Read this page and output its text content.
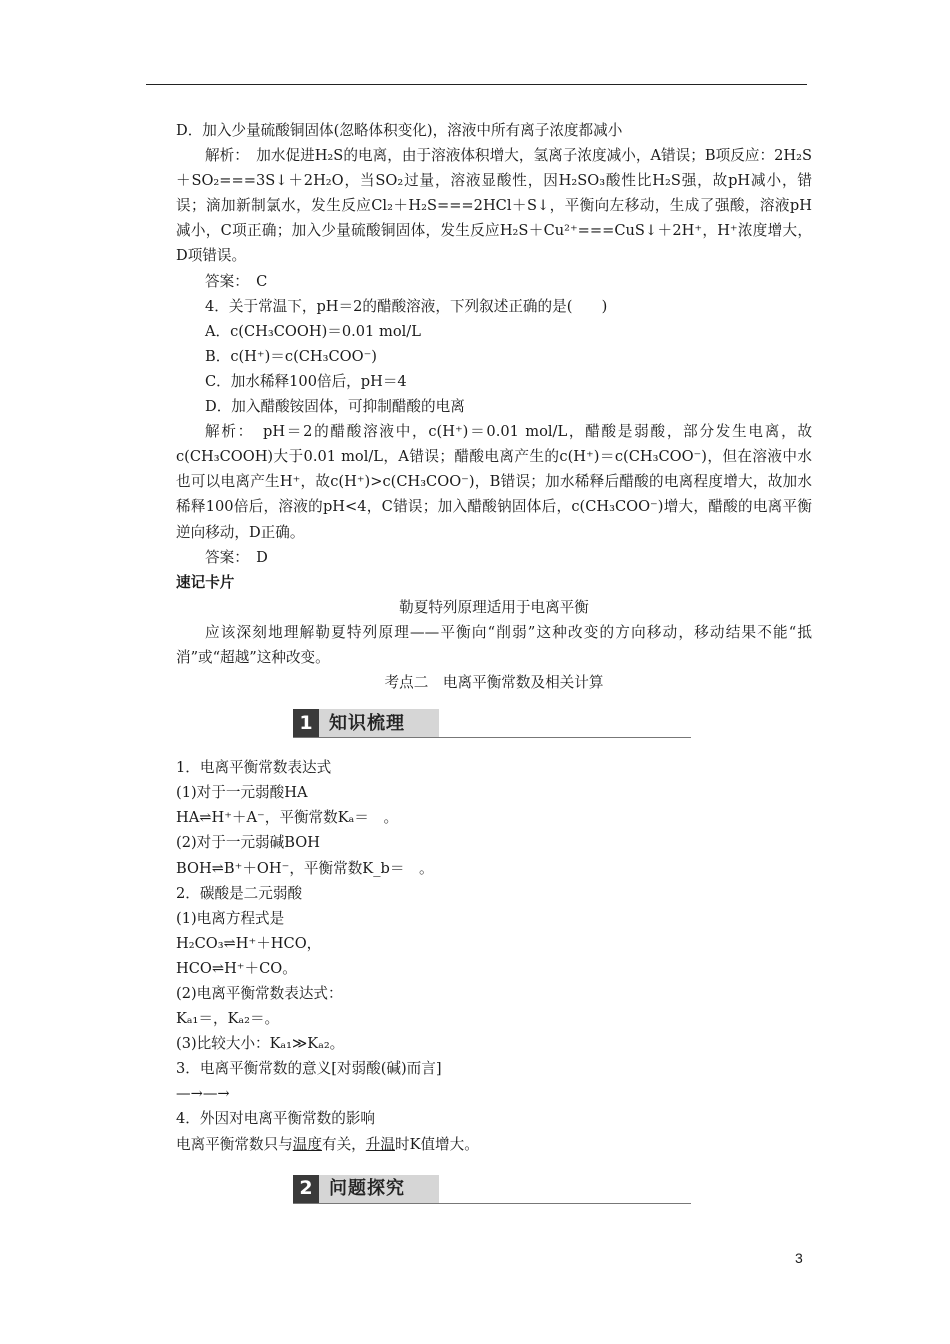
D．加入少量硫酸铜固体(忽略体积变化)，溶液中所有离子浓度都减小
解析：　加水促进H₂S的电离，由于溶液体积增大，氢离子浓度减小，A错误；B项反应：2H₂S＋SO₂===3S↓＋2H₂O，当SO₂过量，溶液显酸性，因H₂SO₃酸性比H₂S强，故pH减小，错误；滴加新制氯水，发生反应Cl₂＋H₂S===2HCl＋S↓，平衡向左移动，生成了强酸，溶液pH减小，C项正确；加入少量硫酸铜固体，发生反应H₂S＋Cu²⁺===CuS↓＋2H⁺，H⁺浓度增大，D项错误。
答案：　C
4．关于常温下，pH＝2的醋酸溶液，下列叙述正确的是(　　)
A．c(CH₃COOH)＝0.01 mol/L
B．c(H⁺)＝c(CH₃COO⁻)
C．加水稀释100倍后，pH＝4
D．加入醋酸铵固体，可抑制醋酸的电离
解析：　pH＝2的醋酸溶液中，c(H⁺)＝0.01 mol/L，醋酸是弱酸，部分发生电离，故c(CH₃COOH)大于0.01 mol/L，A错误；醋酸电离产生的c(H⁺)＝c(CH₃COO⁻)，但在溶液中水也可以电离产生H⁺，故c(H⁺)>c(CH₃COO⁻)，B错误；加水稀释后醋酸的电离程度增大，故加水稀释100倍后，溶液的pH<4，C错误；加入醋酸钠固体后，c(CH₃COO⁻)增大，醋酸的电离平衡逆向移动，D正确。
答案：　D
速记卡片
勒夏特列原理适用于电离平衡
应该深刻地理解勒夏特列原理——平衡向“削弱”这种改变的方向移动，移动结果不能“抵消”或“超越”这种改变。
考点二　电离平衡常数及相关计算
1 知识梳理
1．电离平衡常数表达式
(1)对于一元弱酸HA
HA⇌H⁺＋A⁻，平衡常数Kₐ＝　。
(2)对于一元弱碱BOH
BOH⇌B⁺＋OH⁻，平衡常数K_b＝　。
2．碳酸是二元弱酸
(1)电离方程式是
H₂CO₃⇌H⁺＋HCO，
HCO⇌H⁺＋CO。
(2)电离平衡常数表达式：
Kₐ₁＝，Kₐ₂＝。
(3)比较大小：Kₐ₁≫Kₐ₂。
3．电离平衡常数的意义[对弱酸(碱)而言]
—→—→
4．外因对电离平衡常数的影响
电离平衡常数只与温度有关，升温时K值增大。
2 问题探究
3
